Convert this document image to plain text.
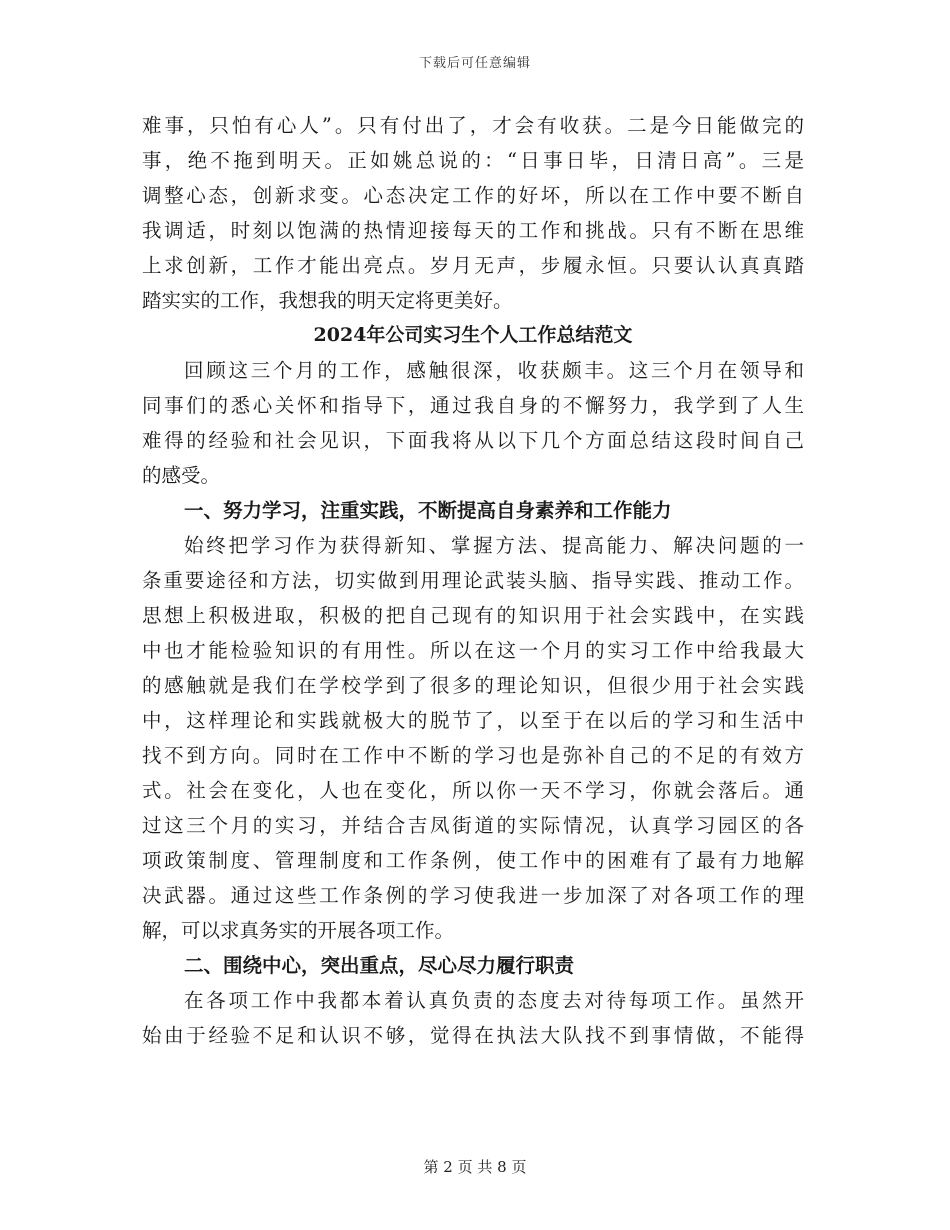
下载后可任意编辑
难事，只怕有心人”。只有付出了，才会有收获。二是今日能做完的
事，绝不拖到明天。正如姚总说的：“日事日毕，日清日高”。三是
调整心态，创新求变。心态决定工作的好坏，所以在工作中要不断自
我调适，时刻以饱满的热情迎接每天的工作和挑战。只有不断在思维
上求创新，工作才能出亮点。岁月无声，步履永恒。只要认认真真踏
踏实实的工作，我想我的明天定将更美好。
2024年公司实习生个人工作总结范文
回顾这三个月的工作，感触很深，收获颇丰。这三个月在领导和
同事们的悉心关怀和指导下，通过我自身的不懈努力，我学到了人生
难得的经验和社会见识，下面我将从以下几个方面总结这段时间自己
的感受。
一、努力学习，注重实践，不断提高自身素养和工作能力
始终把学习作为获得新知、掌握方法、提高能力、解决问题的一
条重要途径和方法，切实做到用理论武装头脑、指导实践、推动工作。
思想上积极进取，积极的把自己现有的知识用于社会实践中，在实践
中也才能检验知识的有用性。所以在这一个月的实习工作中给我最大
的感触就是我们在学校学到了很多的理论知识，但很少用于社会实践
中，这样理论和实践就极大的脱节了，以至于在以后的学习和生活中
找不到方向。同时在工作中不断的学习也是弥补自己的不足的有效方
式。社会在变化，人也在变化，所以你一天不学习，你就会落后。通
过这三个月的实习，并结合吉凤街道的实际情况，认真学习园区的各
项政策制度、管理制度和工作条例，使工作中的困难有了最有力地解
决武器。通过这些工作条例的学习使我进一步加深了对各项工作的理
解，可以求真务实的开展各项工作。
二、围绕中心，突出重点，尽心尽力履行职责
在各项工作中我都本着认真负责的态度去对待每项工作。虽然开
始由于经验不足和认识不够，觉得在执法大队找不到事情做，不能得
第 2 页 共 8 页
